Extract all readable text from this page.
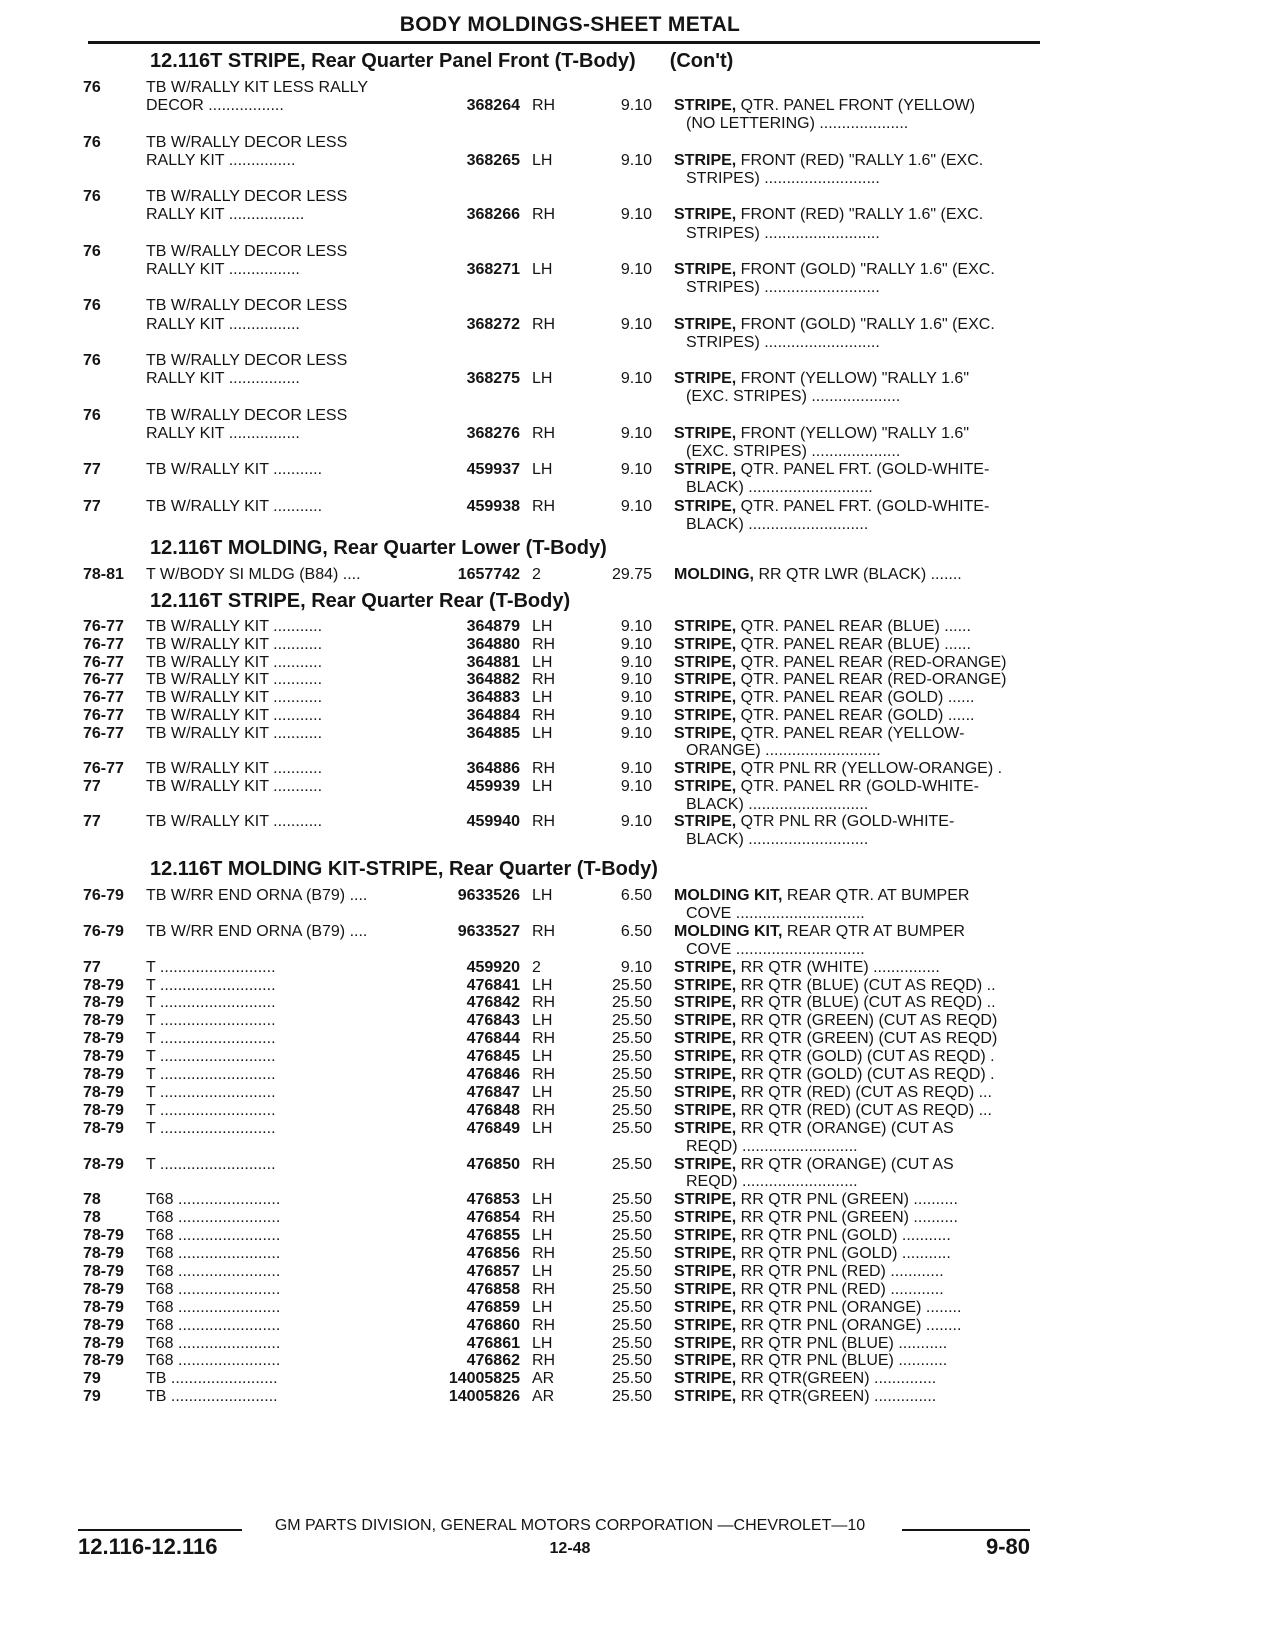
BODY MOLDINGS-SHEET METAL
12.116T STRIPE, Rear Quarter Panel Front (T-Body) (Con't)
76	TB W/RALLY KIT LESS RALLY
DECOR .................	368264 RH	9.10 STRIPE, QTR. PANEL FRONT (YELLOW)
(NO LETTERING) ....................
76	TB W/RALLY DECOR LESS
RALLY KIT ...............	368265 LH	9.10 STRIPE, FRONT (RED) "RALLY 1.6" (EXC.
STRIPES) ..........................
76	TB W/RALLY DECOR LESS
RALLY KIT .................	368266 RH	9.10 STRIPE, FRONT (RED) "RALLY 1.6" (EXC.
STRIPES) ..........................
76	TB W/RALLY DECOR LESS
RALLY KIT ................	368271 LH	9.10 STRIPE, FRONT (GOLD) "RALLY 1.6" (EXC.
STRIPES) ..........................
76	TB W/RALLY DECOR LESS
RALLY KIT ................	368272 RH	9.10 STRIPE, FRONT (GOLD) "RALLY 1.6" (EXC.
STRIPES) ..........................
76	TB W/RALLY DECOR LESS
RALLY KIT ................	368275 LH	9.10 STRIPE, FRONT (YELLOW) "RALLY 1.6"
(EXC. STRIPES) ....................
76	TB W/RALLY DECOR LESS
RALLY KIT ................	368276 RH	9.10 STRIPE, FRONT (YELLOW) "RALLY 1.6"
(EXC. STRIPES) ....................
77	TB W/RALLY KIT ...........	459937 LH	9.10 STRIPE, QTR. PANEL FRT. (GOLD-WHITE-
BLACK) ............................
77	TB W/RALLY KIT ...........	459938 RH	9.10 STRIPE, QTR. PANEL FRT. (GOLD-WHITE-
BLACK) ...........................
12.116T MOLDING, Rear Quarter Lower (T-Body)
78-81 T W/BODY SI MLDG (B84) ....	1657742 2	29.75 MOLDING, RR QTR LWR (BLACK) .......
12.116T STRIPE, Rear Quarter Rear (T-Body)
76-77 TB W/RALLY KIT ...........	364879 LH	9.10 STRIPE, QTR. PANEL REAR (BLUE) ......
76-77 TB W/RALLY KIT ...........	364880 RH	9.10 STRIPE, QTR. PANEL REAR (BLUE) ......
76-77 TB W/RALLY KIT ...........	364881 LH	9.10 STRIPE, QTR. PANEL REAR (RED-ORANGE)
76-77 TB W/RALLY KIT ...........	364882 RH	9.10 STRIPE, QTR. PANEL REAR (RED-ORANGE)
76-77 TB W/RALLY KIT ...........	364883 LH	9.10 STRIPE, QTR. PANEL REAR (GOLD) ......
76-77 TB W/RALLY KIT ...........	364884 RH	9.10 STRIPE, QTR. PANEL REAR (GOLD) ......
76-77 TB W/RALLY KIT ...........	364885 LH	9.10 STRIPE, QTR. PANEL REAR (YELLOW-
ORANGE) ..........................
76-77 TB W/RALLY KIT ...........	364886 RH	9.10 STRIPE, QTR PNL RR (YELLOW-ORANGE) .
77	TB W/RALLY KIT ...........	459939 LH	9.10 STRIPE, QTR. PANEL RR (GOLD-WHITE-
BLACK) ...........................
77	TB W/RALLY KIT ...........	459940 RH	9.10 STRIPE, QTR PNL RR (GOLD-WHITE-
BLACK) ...........................
12.116T MOLDING KIT-STRIPE, Rear Quarter (T-Body)
76-79 TB W/RR END ORNA (B79) ....	9633526 LH	6.50 MOLDING KIT, REAR QTR. AT BUMPER
COVE .............................
76-79 TB W/RR END ORNA (B79) ....	9633527 RH	6.50 MOLDING KIT, REAR QTR AT BUMPER
COVE .............................
77	T ..........................	459920 2	9.10 STRIPE, RR QTR (WHITE) ...............
78-79 T ..........................	476841 LH	25.50 STRIPE, RR QTR (BLUE) (CUT AS REQD) ..
78-79 T ..........................	476842 RH	25.50 STRIPE, RR QTR (BLUE) (CUT AS REQD) ..
78-79 T ..........................	476843 LH	25.50 STRIPE, RR QTR (GREEN) (CUT AS REQD)
78-79 T ..........................	476844 RH	25.50 STRIPE, RR QTR (GREEN) (CUT AS REQD)
78-79 T ..........................	476845 LH	25.50 STRIPE, RR QTR (GOLD) (CUT AS REQD) .
78-79 T ..........................	476846 RH	25.50 STRIPE, RR QTR (GOLD) (CUT AS REQD) .
78-79 T ..........................	476847 LH	25.50 STRIPE, RR QTR (RED) (CUT AS REQD) ...
78-79 T ..........................	476848 RH	25.50 STRIPE, RR QTR (RED) (CUT AS REQD) ...
78-79 T ..........................	476849 LH	25.50 STRIPE, RR QTR (ORANGE) (CUT AS
REQD) ..........................
78-79 T ..........................	476850 RH	25.50 STRIPE, RR QTR (ORANGE) (CUT AS
REQD) ..........................
78	T68 .......................	476853 LH	25.50 STRIPE, RR QTR PNL (GREEN) ..........
78	T68 .......................	476854 RH	25.50 STRIPE, RR QTR PNL (GREEN) ..........
78-79 T68 .......................	476855 LH	25.50 STRIPE, RR QTR PNL (GOLD) ...........
78-79 T68 .......................	476856 RH	25.50 STRIPE, RR QTR PNL (GOLD) ...........
78-79 T68 .......................	476857 LH	25.50 STRIPE, RR QTR PNL (RED) ............
78-79 T68 .......................	476858 RH	25.50 STRIPE, RR QTR PNL (RED) ............
78-79 T68 .......................	476859 LH	25.50 STRIPE, RR QTR PNL (ORANGE) ........
78-79 T68 .......................	476860 RH	25.50 STRIPE, RR QTR PNL (ORANGE) ........
78-79 T68 .......................	476861 LH	25.50 STRIPE, RR QTR PNL (BLUE) ...........
78-79 T68 .......................	476862 RH	25.50 STRIPE, RR QTR PNL (BLUE) ...........
79	TB ........................	14005825 AR	25.50 STRIPE, RR QTR(GREEN) ..............
79	TB ........................	14005826 AR	25.50 STRIPE, RR QTR(GREEN) ..............
GM PARTS DIVISION, GENERAL MOTORS CORPORATION —CHEVROLET—10
12.116-12.116	12-48	9-80
